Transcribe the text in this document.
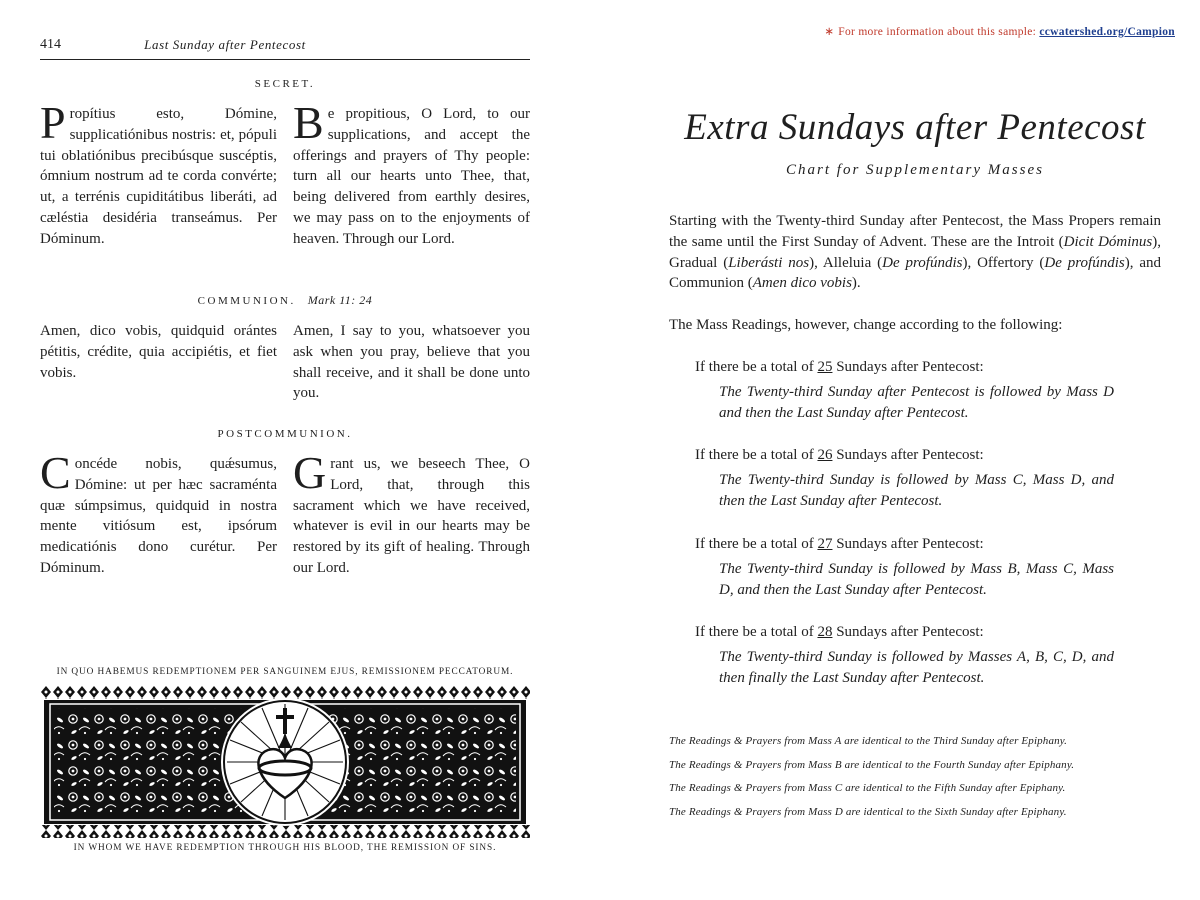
414	Last Sunday after Pentecost
SECRET.
Propítius esto, Dómine, supplicatiónibus nostris: et, pópuli tui oblatiónibus precibúsque suscéptis, ómnium nostrum ad te corda convérte; ut, a terrénis cupiditátibus liberáti, ad cæléstia desidéria transeámus. Per Dóminum.
Be propitious, O Lord, to our supplications, and accept the offerings and prayers of Thy people: turn all our hearts unto Thee, that, being delivered from earthly desires, we may pass on to the enjoyments of heaven. Through our Lord.
COMMUNION. Mark 11: 24
Amen, dico vobis, quidquid orántes pétitis, crédite, quia accipiétis, et fiet vobis.
Amen, I say to you, whatsoever you ask when you pray, believe that you shall receive, and it shall be done unto you.
POSTCOMMUNION.
Concéde nobis, quǽsumus, Dómine: ut per hæc sacraménta quæ súmpsimus, quidquid in nostra mente vitiósum est, ipsórum medicatiónis dono curétur. Per Dóminum.
Grant us, we beseech Thee, O Lord, that, through this sacrament which we have received, whatever is evil in our hearts may be restored by its gift of healing. Through our Lord.
IN QUO HABEMUS REDEMPTIONEM PER SANGUINEM EJUS, REMISSIONEM PECCATORUM.
IN WHOM WE HAVE REDEMPTION THROUGH HIS BLOOD, THE REMISSION OF SINS.
∗ For more information about this sample: ccwatershed.org/Campion
Extra Sundays after Pentecost
Chart for Supplementary Masses

Starting with the Twenty-third Sunday after Pentecost, the Mass Propers remain the same until the First Sunday of Advent. These are the Introit (Dicit Dóminus), Gradual (Liberásti nos), Alleluia (De profúndis), Offertory (De profúndis), and Communion (Amen dico vobis).

The Mass Readings, however, change according to the following:

If there be a total of 25 Sundays after Pentecost:
The Twenty-third Sunday after Pentecost is followed by Mass D and then the Last Sunday after Pentecost.
If there be a total of 26 Sundays after Pentecost:
The Twenty-third Sunday is followed by Mass C, Mass D, and then the Last Sunday after Pentecost.
If there be a total of 27 Sundays after Pentecost:
The Twenty-third Sunday is followed by Mass B, Mass C, Mass D, and then the Last Sunday after Pentecost.
If there be a total of 28 Sundays after Pentecost:
The Twenty-third Sunday is followed by Masses A, B, C, D, and then finally the Last Sunday after Pentecost.
The Readings & Prayers from Mass A are identical to the Third Sunday after Epiphany.
The Readings & Prayers from Mass B are identical to the Fourth Sunday after Epiphany.
The Readings & Prayers from Mass C are identical to the Fifth Sunday after Epiphany.
The Readings & Prayers from Mass D are identical to the Sixth Sunday after Epiphany.
